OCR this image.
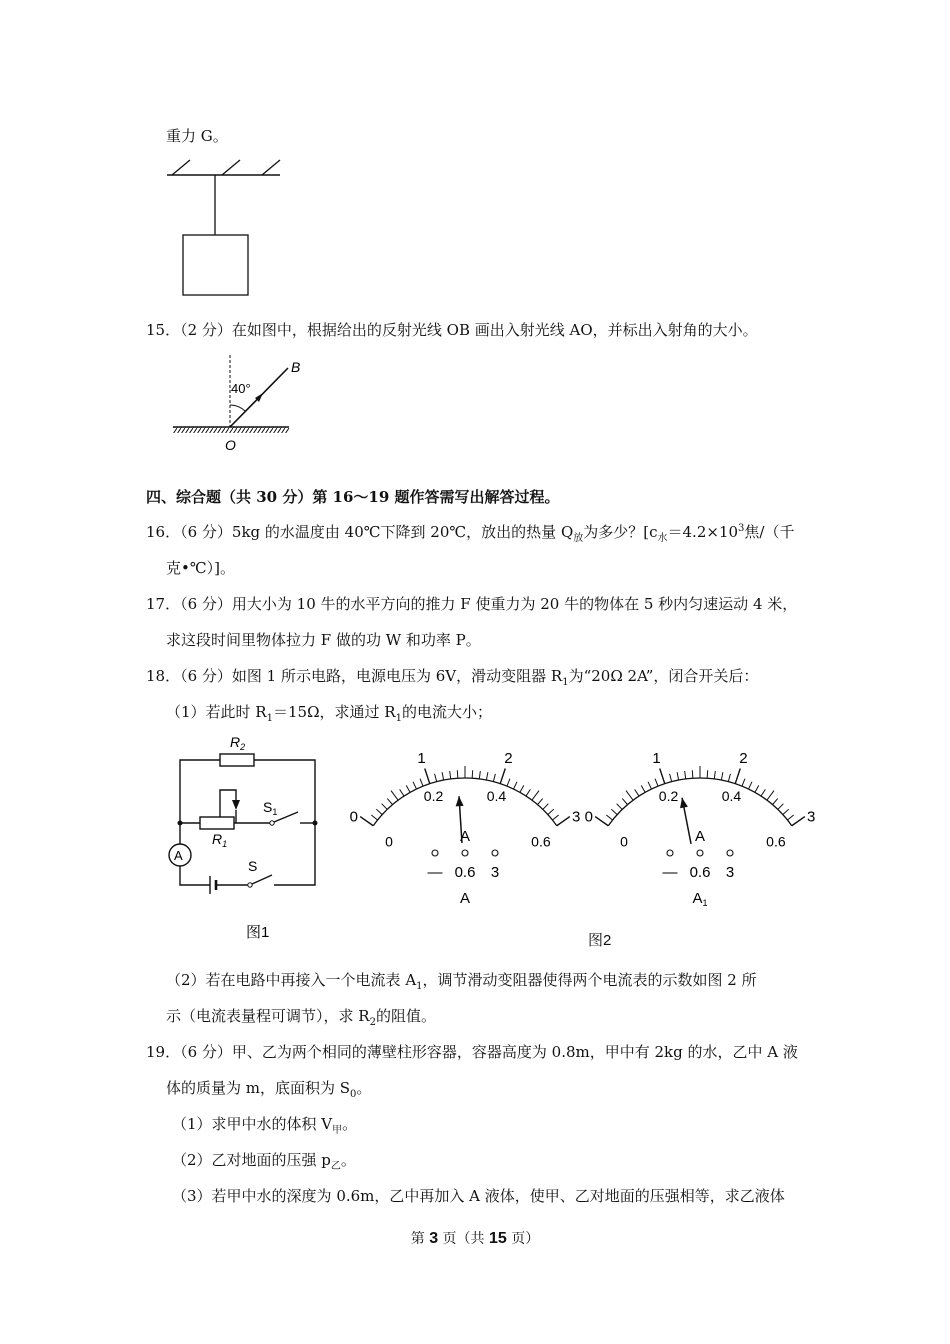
重力 G。
15．（2 分）在如图中，根据给出的反射光线 OB 画出入射光线 AO，并标出入射角的大小。
40°
B
O
四、综合题（共 30 分）第 16～19 题作答需写出解答过程。
16．（6 分）5kg 的水温度由 40℃下降到 20℃，放出的热量 $Q_放$为多少？[$c_水=4.2\times 10^3$焦/（千
克•℃）]。
17．（6 分）用大小为 10 牛的水平方向的推力 F 使重力为 20 牛的物体在 5 秒内匀速运动 4 米，
求这段时间里物体拉力 F 做的功 W 和功率 P。
18．（6 分）如图 1 所示电路，电源电压为 6V，滑动变阻器 $R_1$为“20Ω 2A”，闭合开关后：
（1）若此时 $R_1=15\Omega$，求通过 $R_1$的电流大小；
A
$R_2$
$R_1$
$S_1$
S
图1
1	2
0.2	0.4
0	3
0	0.6
A
— 0.6 3
A
1	2
0.2	0.4
0	3
0	0.6
A
— 0.6 3
$A_1$
图2
（2）若在电路中再接入一个电流表 $A_1$，调节滑动变阻器使得两个电流表的示数如图 2 所
示（电流表量程可调节），求 $R_2$的阻值。
19．（6 分）甲、乙为两个相同的薄壁柱形容器，容器高度为 0.8m，甲中有 2kg 的水，乙中 A 液
体的质量为 m，底面积为 $S_0$。
（1）求甲中水的体积 $V_甲$。
（2）乙对地面的压强 $p_乙$。
（3）若甲中水的深度为 0.6m，乙中再加入 A 液体，使甲、乙对地面的压强相等，求乙液体
第 3 页（共 15 页）
